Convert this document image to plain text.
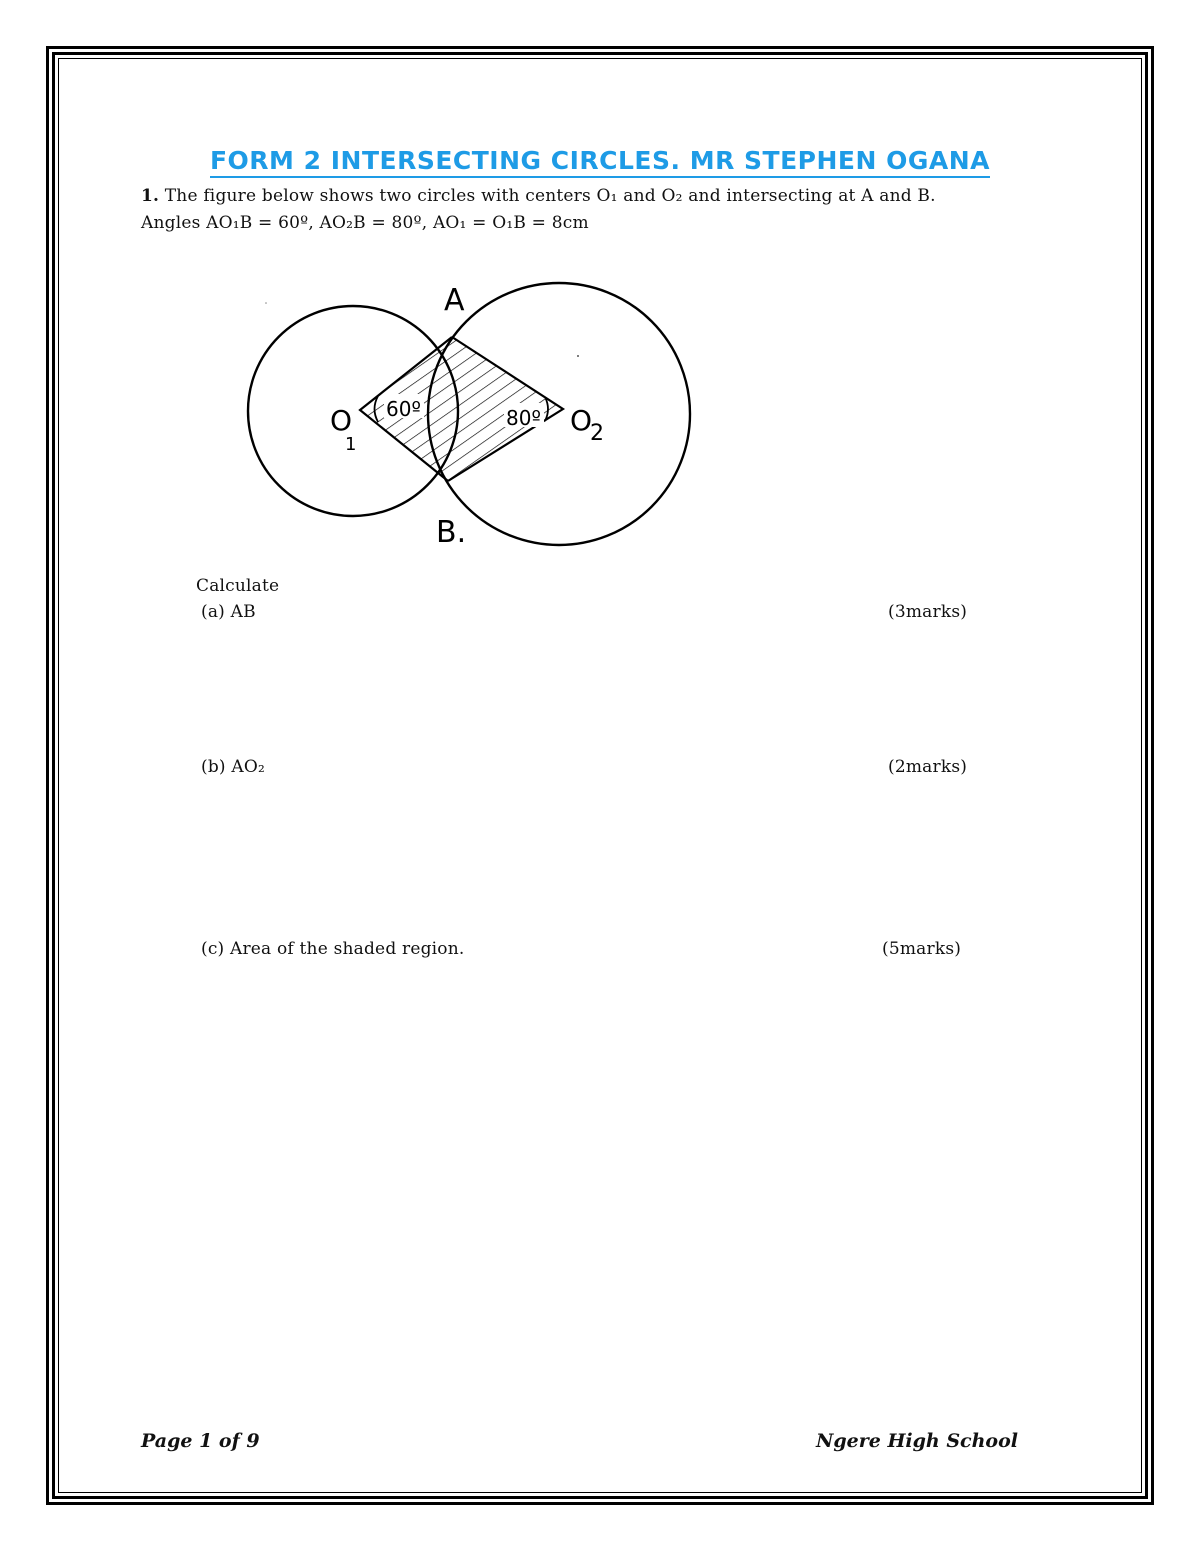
FORM 2 INTERSECTING CIRCLES. MR STEPHEN OGANA
1. The figure below shows two circles with centers O₁ and O₂ and intersecting at A and B.
Angles AO₁B = 60º, AO₂B = 80º, AO₁ = O₁B = 8cm
A
B.
O
1
O
2
60º	80º
Calculate
(a) AB	(3marks)
(b) AO₂	(2marks)
(c) Area of the shaded region.	(5marks)
Page 1 of 9	Ngere High School
